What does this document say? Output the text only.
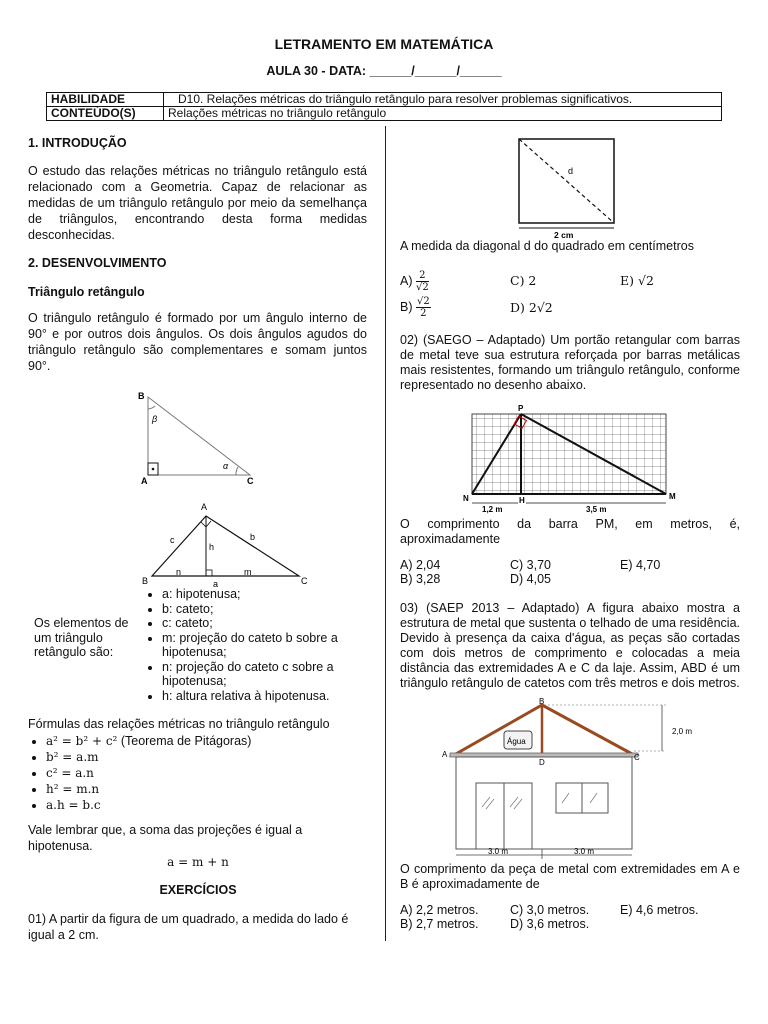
LETRAMENTO EM MATEMÁTICA
AULA 30 - DATA: ______/______/______
HABILIDADE	D10. Relações métricas do triângulo retângulo para resolver problemas significativos.
CONTEÚDO(S)	Relações métricas no triângulo retângulo
1. INTRODUÇÃO
O estudo das relações métricas no triângulo retângulo está relacionado com a Geometria. Capaz de relacionar as medidas de um triângulo retângulo por meio da semelhança de triângulos, encontrando desta forma medidas desconhecidas.
2. DESENVOLVIMENTO
Triângulo retângulo
O triângulo retângulo é formado por um ângulo interno de 90° e por outros dois ângulos. Os dois ângulos agudos do triângulo retângulo são complementares e somam juntos 90°.
B
A	C
β
α
A
B	C
c	b
h
n	m
a
Os elementos de um triângulo retângulo são:
• a: hipotenusa;
• b: cateto;
• c: cateto;
• m: projeção do cateto b sobre a hipotenusa;
• n: projeção do cateto c sobre a hipotenusa;
• h: altura relativa à hipotenusa.
Fórmulas das relações métricas no triângulo retângulo
• a² = b² + c² (Teorema de Pitágoras)
• b² = a.m
• c² = a.n
• h² = m.n
• a.h = b.c
Vale lembrar que, a soma das projeções é igual a hipotenusa.
a = m + n
EXERCÍCIOS
01) A partir da figura de um quadrado, a medida do lado é igual a 2 cm.
d
2 cm
A medida da diagonal d do quadrado em centímetros
$A) \frac{2}{√2}$
$B) \frac{√2}{2}$
C) 2
D) 2√2
E) √2
02) (SAEGO – Adaptado) Um portão retangular com barras de metal teve sua estrutura reforçada por barras metálicas mais resistentes, formando um triângulo retângulo, conforme representado no desenho abaixo.
P
N	H	M
1,2 m	3,5 m
O comprimento da barra PM, em metros, é, aproximadamente
A) 2,04	C) 3,70	E) 4,70
B) 3,28	D) 4,05
03) (SAEP 2013 – Adaptado) A figura abaixo mostra a estrutura de metal que sustenta o telhado de uma residência. Devido à presença da caixa d'água, as peças são cortadas com dois metros de comprimento e colocadas a meia distância das extremidades A e C da laje. Assim, ABD é um triângulo retângulo de catetos com três metros e dois metros.
Água
B
A
D
C
2,0 m
3.0 m	3.0 m
O comprimento da peça de metal com extremidades em A e B é aproximadamente de
A) 2,2 metros.	C) 3,0 metros. E) 4,6 metros.
B) 2,7 metros.	D) 3,6 metros.
